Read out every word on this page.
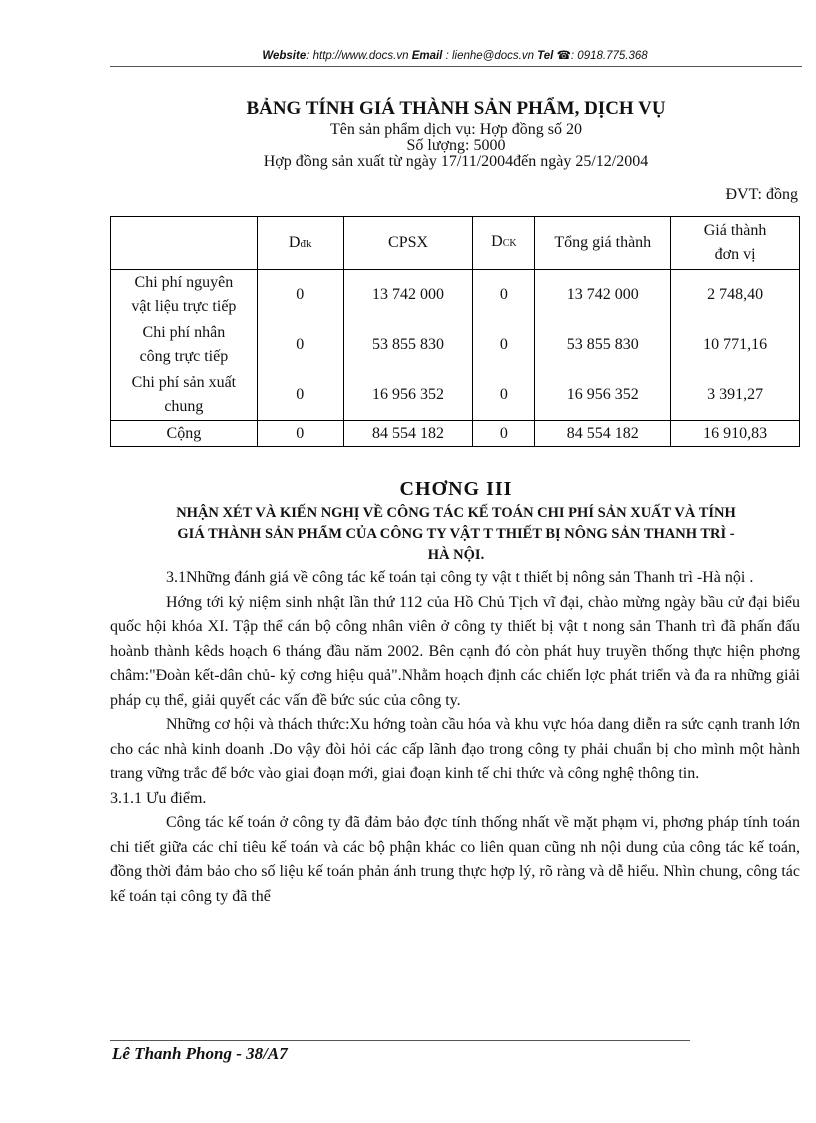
Website: http://www.docs.vn Email : lienhe@docs.vn Tel ☎: 0918.775.368
BẢNG TÍNH GIÁ THÀNH SẢN PHẨM, DỊCH VỤ
Tên sản phẩm dịch vụ: Hợp đồng số 20
Số lượng: 5000
Hợp đồng sản xuất từ ngày 17/11/2004đến ngày 25/12/2004
ĐVT: đồng
	Dđk	CPSX	DCK	Tổng giá thành	Giá thành
đơn vị
Chi phí nguyên
vật liệu trực tiếp	0	13 742 000	0	13 742 000	2 748,40
Chi phí nhân
công trực tiếp	0	53 855 830	0	53 855 830	10 771,16
Chi phí sản xuất
chung	0	16 956 352	0	16 956 352	3 391,27
Cộng	0	84 554 182	0	84 554 182	16 910,83
CHƠNG III
NHẬN XÉT VÀ KIẾN NGHỊ VỀ CÔNG TÁC KẾ TOÁN CHI PHÍ SẢN XUẤT VÀ TÍNH
GIÁ THÀNH SẢN PHẨM CỦA CÔNG TY VẬT T THIẾT BỊ NÔNG SẢN THANH TRÌ -
HÀ NỘI.

3.1Những đánh giá về công tác kế toán tại công ty vật t thiết bị nông sản Thanh trì -Hà nội .

Hớng tới kỷ niệm sinh nhật lần thứ 112 của Hồ Chủ Tịch vĩ đại, chào mừng ngày bầu cử đại biểu quốc hội khóa XI. Tập thể cán bộ công nhân viên ở công ty thiết bị vật t nong sản Thanh trì đã phấn đấu hoànb thành kêds hoạch 6 tháng đầu năm 2002. Bên cạnh đó còn phát huy truyền thống thực hiện phơng châm:"Đoàn kết-dân chủ- kỷ cơng hiệu quả".Nhằm hoạch định các chiến lợc phát triển và đa ra những giải pháp cụ thể, giải quyết các vấn đề bức súc của công ty.

Những cơ hội và thách thức:Xu hớng toàn cầu hóa và khu vực hóa dang diễn ra sức cạnh tranh lớn cho các nhà kinh doanh .Do vậy đòi hỏi các cấp lãnh đạo trong công ty phải chuẩn bị cho mình một hành trang vững trắc để bớc vào giai đoạn mới, giai đoạn kinh tế chi thức và công nghệ thông tin.

3.1.1 Ưu điểm.

Công tác kế toán ở công ty đã đảm bảo đợc tính thống nhất về mặt phạm vi, phơng pháp tính toán chi tiết giữa các chỉ tiêu kế toán và các bộ phận khác co liên quan cũng nh nội dung của công tác kế toán, đồng thời đảm bảo cho số liệu kế toán phản ánh trung thực hợp lý, rõ ràng và dễ hiểu. Nhìn chung, công tác kế toán tại công ty đã thể

Lê Thanh Phong - 38/A7
